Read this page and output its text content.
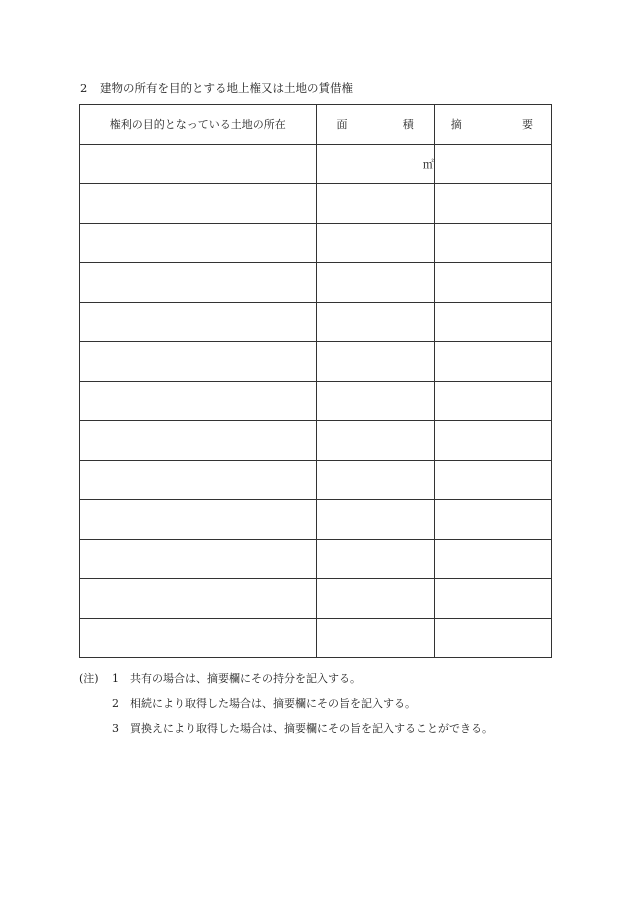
2 建物の所有を目的とする地上権又は土地の賃借権
権利の目的となっている土地の所在	面 積	摘 要

	㎡	

(注)	1	共有の場合は、摘要欄にその持分を記入する。
2	相続により取得した場合は、摘要欄にその旨を記入する。
3	買換えにより取得した場合は、摘要欄にその旨を記入することができる。
